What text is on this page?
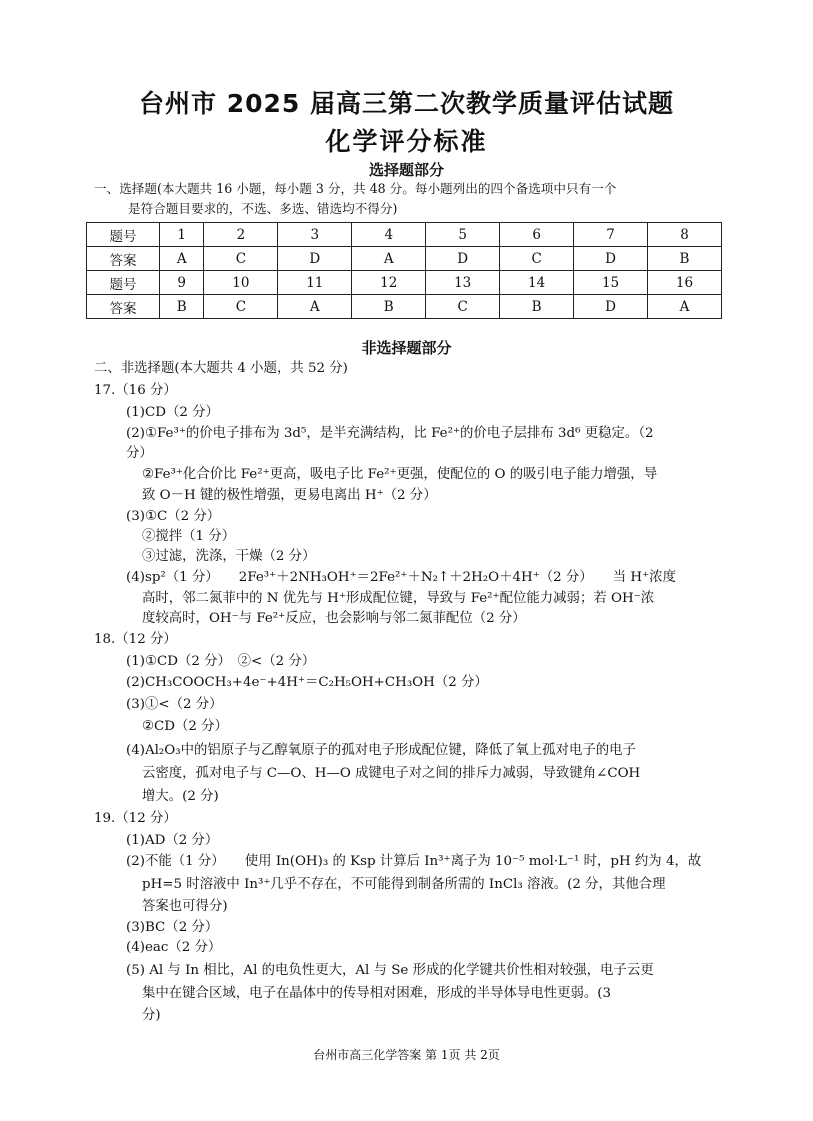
台州市 2025 届高三第二次教学质量评估试题
化学评分标准
选择题部分
一、选择题(本大题共 16 小题，每小题 3 分，共 48 分。每小题列出的四个备选项中只有一个
是符合题目要求的，不选、多选、错选均不得分)
题号	1	2	3	4	5	6	7	8
答案	A	C	D	A	D	C	D	B
题号	9	10	11	12	13	14	15	16
答案	B	C	A	B	C	B	D	A
非选择题部分
二、非选择题(本大题共 4 小题，共 52 分)
17.（16 分）
(1)CD（2 分）
(2)①Fe³⁺的价电子排布为 3d⁵，是半充满结构，比 Fe²⁺的价电子层排布 3d⁶ 更稳定。（2
分）
②Fe³⁺化合价比 Fe²⁺更高，吸电子比 Fe²⁺更强，使配位的 O 的吸引电子能力增强，导
致 O－H 键的极性增强，更易电离出 H⁺（2 分）
(3)①C（2 分）
②搅拌（1 分）
③过滤，洗涤，干燥（2 分）
(4)sp²（1 分）　　2Fe³⁺＋2NH₃OH⁺＝2Fe²⁺＋N₂↑＋2H₂O＋4H⁺（2 分）　　当 H⁺浓度
高时，邻二氮菲中的 N 优先与 H⁺形成配位键，导致与 Fe²⁺配位能力减弱；若 OH⁻浓
度较高时，OH⁻与 Fe²⁺反应，也会影响与邻二氮菲配位（2 分）
18.（12 分）
(1)①CD（2 分）　②<（2 分）
(2)CH₃COOCH₃+4e⁻+4H⁺＝C₂H₅OH+CH₃OH（2 分）
(3)①<（2 分）
②CD（2 分）
(4)Al₂O₃中的铝原子与乙醇氧原子的孤对电子形成配位键，降低了氧上孤对电子的电子
云密度，孤对电子与 C—O、H—O 成键电子对之间的排斥力减弱，导致键角∠COH
增大。(2 分)
19.（12 分）
(1)AD（2 分）
(2)不能（1 分）　　使用 In(OH)₃ 的 Ksp 计算后 In³⁺离子为 10⁻⁵ mol·L⁻¹ 时，pH 约为 4，故
pH=5 时溶液中 In³⁺几乎不存在，不可能得到制备所需的 InCl₃ 溶液。(2 分，其他合理
答案也可得分)
(3)BC（2 分）
(4)eac（2 分）
(5) Al 与 In 相比，Al 的电负性更大，Al 与 Se 形成的化学键共价性相对较强，电子云更
集中在键合区域，电子在晶体中的传导相对困难，形成的半导体导电性更弱。(3
分)
台州市高三化学答案 第 1页 共 2页
